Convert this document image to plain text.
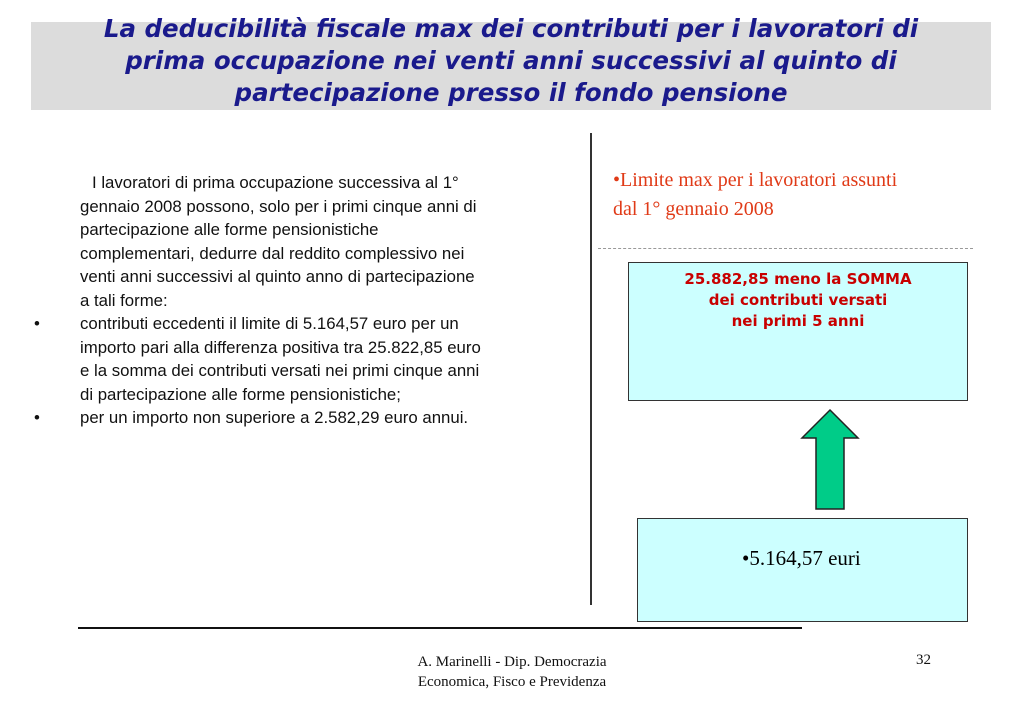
La deducibilità fiscale max dei contributi per i lavoratori di
prima occupazione nei venti anni successivi al quinto di
partecipazione presso il fondo pensione
I lavoratori di prima occupazione successiva al 1°
gennaio 2008 possono, solo per i primi cinque anni di
partecipazione alle forme pensionistiche
complementari, dedurre dal reddito complessivo nei
venti anni successivi al quinto anno di partecipazione
a tali forme:
• contributi eccedenti il limite di 5.164,57 euro per un
importo pari alla differenza positiva tra 25.822,85 euro
e la somma dei contributi versati nei primi cinque anni
di partecipazione alle forme pensionistiche;
• per un importo non superiore a 2.582,29 euro annui.
•Limite max per i lavoratori assunti
dal 1° gennaio 2008
25.882,85 meno la SOMMA
dei contributi versati
nei primi 5 anni
•5.164,57 euri
A. Marinelli - Dip. Democrazia
Economica, Fisco e Previdenza
32
